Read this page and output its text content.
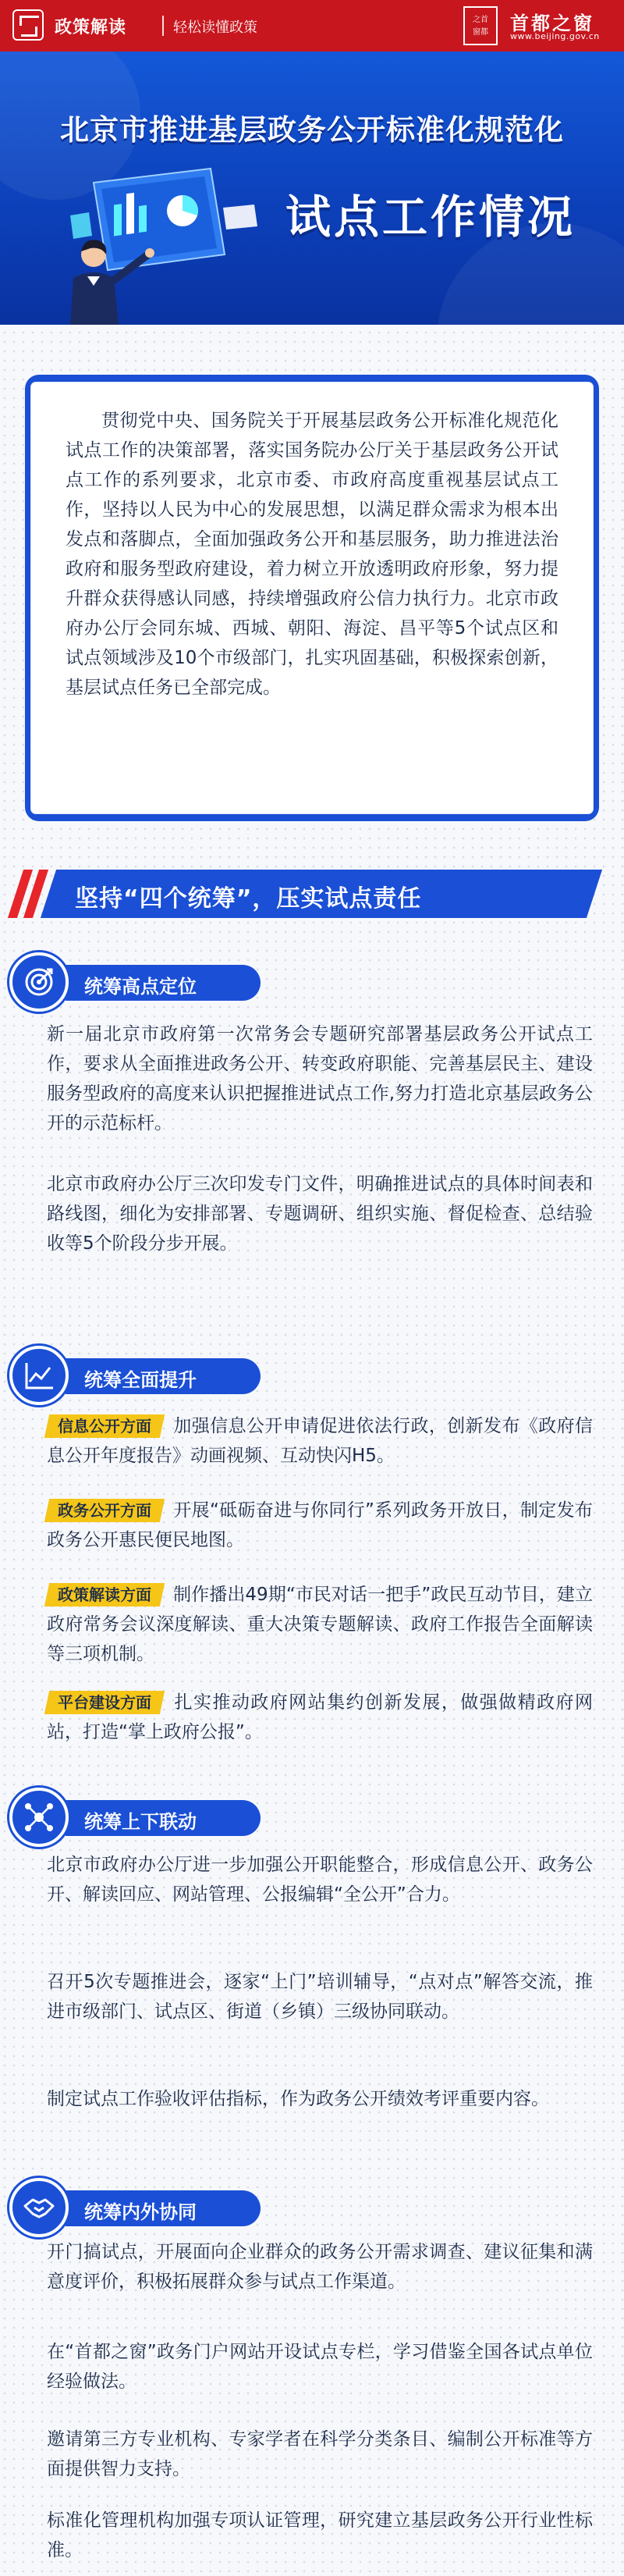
政策解读	轻松读懂政策	之首
窗都	首都之窗
www.beijing.gov.cn
北京市推进基层政务公开标准化规范化
试点工作情况
贯彻党中央、国务院关于开展基层政务公开标准化规范化试点工作的决策部署，落实国务院办公厅关于基层政务公开试点工作的系列要求，北京市委、市政府高度重视基层试点工作，坚持以人民为中心的发展思想，以满足群众需求为根本出发点和落脚点，全面加强政务公开和基层服务，助力推进法治政府和服务型政府建设，着力树立开放透明政府形象，努力提升群众获得感认同感，持续增强政府公信力执行力。北京市政府办公厅会同东城、西城、朝阳、海淀、昌平等5个试点区和试点领域涉及10个市级部门，扎实巩固基础，积极探索创新，基层试点任务已全部完成。
坚持“四个统筹”，压实试点责任
统筹高点定位
新一届北京市政府第一次常务会专题研究部署基层政务公开试点工作，要求从全面推进政务公开、转变政府职能、完善基层民主、建设服务型政府的高度来认识把握推进试点工作,努力打造北京基层政务公开的示范标杆。
北京市政府办公厅三次印发专门文件，明确推进试点的具体时间表和路线图，细化为安排部署、专题调研、组织实施、督促检查、总结验收等5个阶段分步开展。
统筹全面提升
信息公开方面 加强信息公开申请促进依法行政，创新发布《政府信息公开年度报告》动画视频、互动快闪H5。
政务公开方面 开展“砥砺奋进与你同行”系列政务开放日，制定发布政务公开惠民便民地图。
政策解读方面 制作播出49期“市民对话一把手”政民互动节目，建立政府常务会议深度解读、重大决策专题解读、政府工作报告全面解读等三项机制。
平台建设方面 扎实推动政府网站集约创新发展，做强做精政府网站，打造“掌上政府公报”。
统筹上下联动
北京市政府办公厅进一步加强公开职能整合，形成信息公开、政务公开、解读回应、网站管理、公报编辑“全公开”合力。
召开5次专题推进会，逐家“上门”培训辅导，“点对点”解答交流，推进市级部门、试点区、街道（乡镇）三级协同联动。
制定试点工作验收评估指标，作为政务公开绩效考评重要内容。
统筹内外协同
开门搞试点，开展面向企业群众的政务公开需求调查、建议征集和满意度评价，积极拓展群众参与试点工作渠道。
在“首都之窗”政务门户网站开设试点专栏，学习借鉴全国各试点单位经验做法。
邀请第三方专业机构、专家学者在科学分类条目、编制公开标准等方面提供智力支持。
标准化管理机构加强专项认证管理，研究建立基层政务公开行业性标准。
